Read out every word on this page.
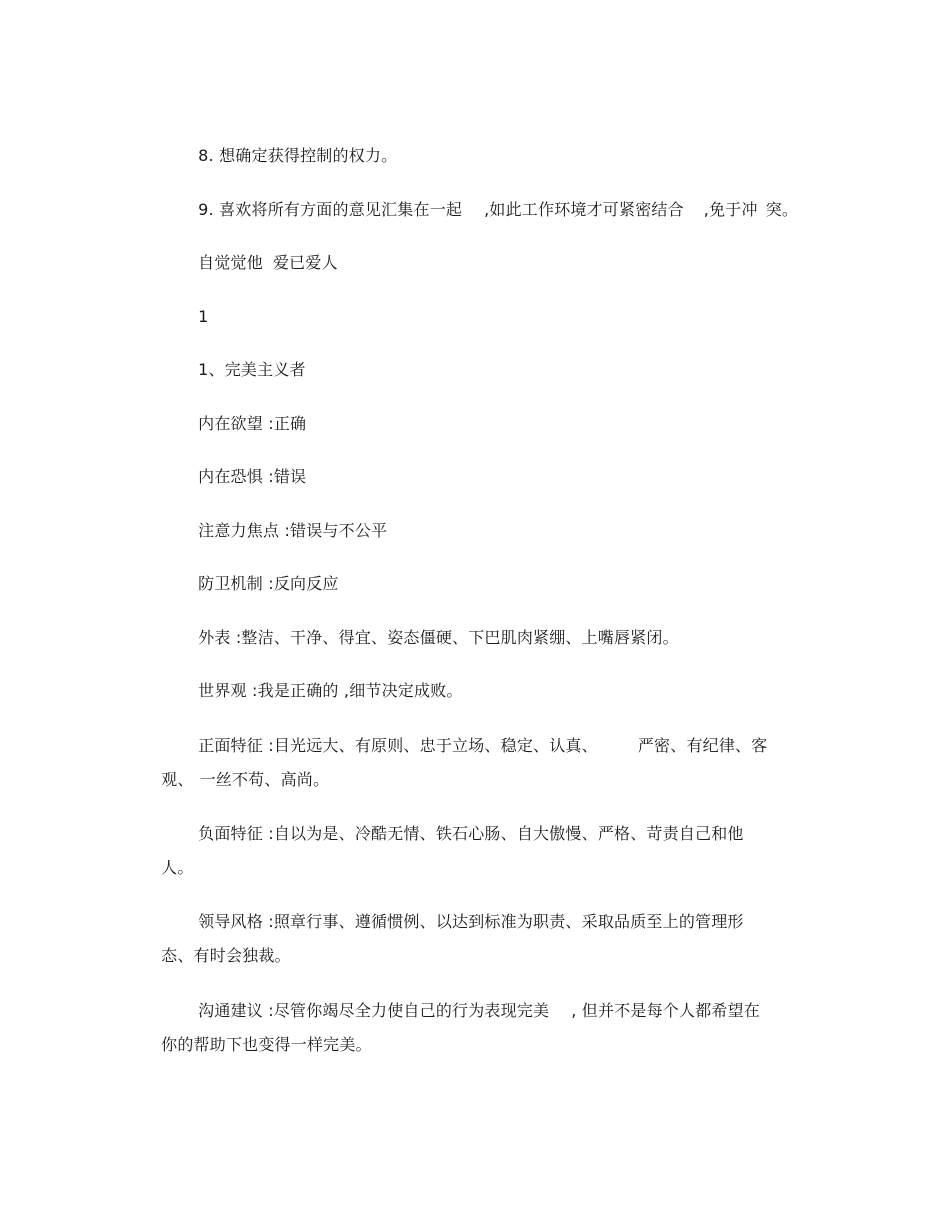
8. 想确定获得控制的权力。

9. 喜欢将所有方面的意见汇集在一起 ,如此工作环境才可紧密结合 ,免于冲 突。

自觉觉他 爱已爱人

1

1、完美主义者

内在欲望 :正确

内在恐惧 :错误

注意力焦点 :错误与不公平

防卫机制 :反向反应

外表 :整洁、干净、得宜、姿态僵硬、下巴肌肉紧绷、上嘴唇紧闭。

世界观 :我是正确的 ,细节决定成败。

正面特征 :目光远大、有原则、忠于立场、稳定、认真、	严密、有纪律、客

观、 一丝不苟、高尚。

负面特征 :自以为是、冷酷无情、铁石心肠、自大傲慢、严格、苛责自己和他

人。

领导风格 :照章行事、遵循惯例、以达到标准为职责、采取品质至上的管理形

态、有时会独裁。

沟通建议 :尽管你竭尽全力使自己的行为表现完美 , 但并不是每个人都希望在

你的帮助下也变得一样完美。
